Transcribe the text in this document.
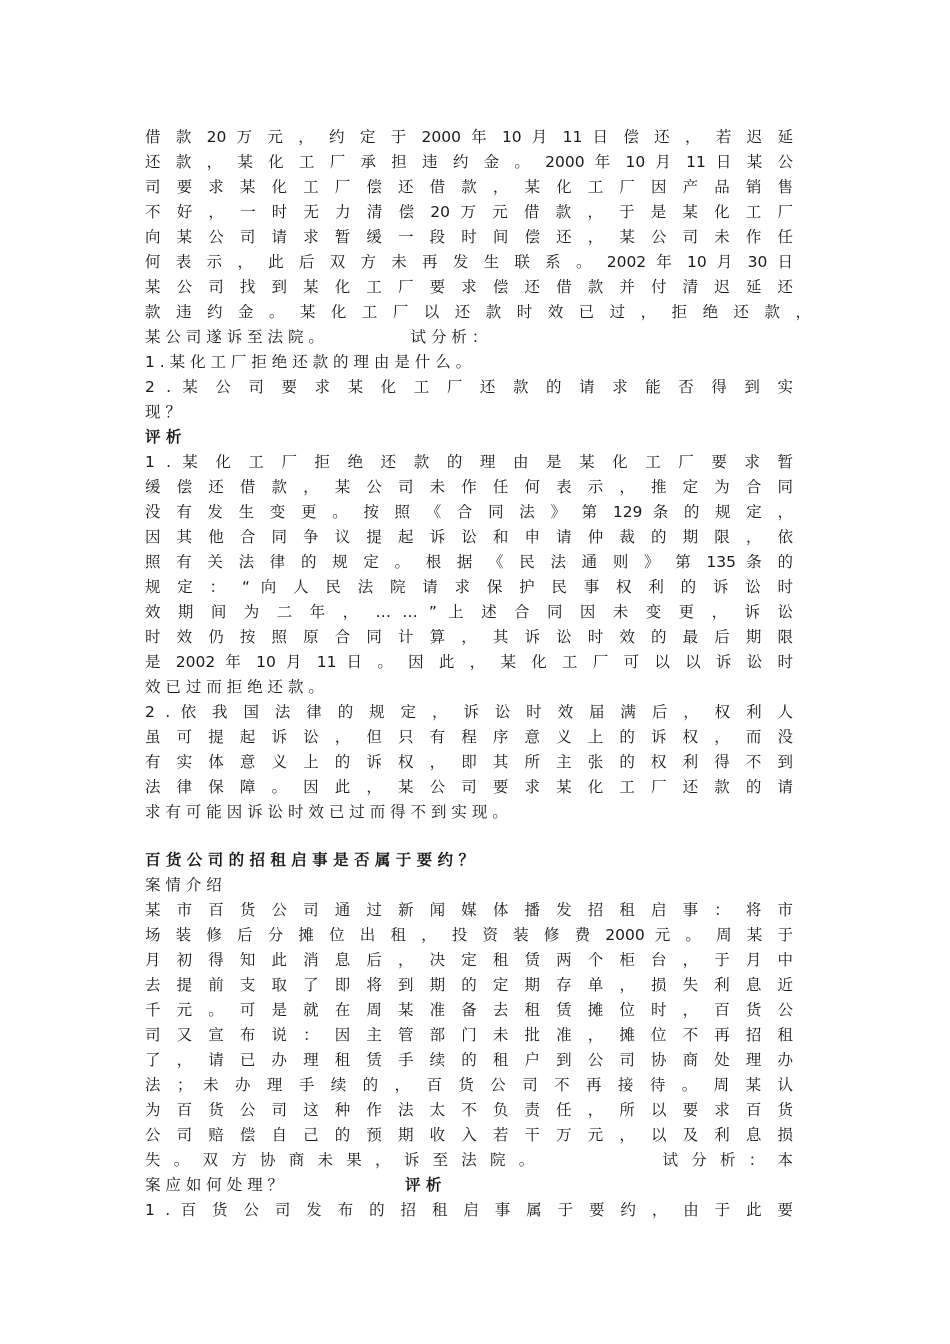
借 款 20 万 元 ， 约 定 于 2000 年 10 月 11 日 偿 还 ， 若 迟 延
还 款 ， 某 化 工 厂 承 担 违 约 金 。 2000 年 10 月 11 日 某 公
司 要 求 某 化 工 厂 偿 还 借 款 ， 某 化 工 厂 因 产 品 销 售
不 好 ， 一 时 无 力 清 偿 20 万 元 借 款 ， 于 是 某 化 工 厂
向 某 公 司 请 求 暂 缓 一 段 时 间 偿 还 ， 某 公 司 未 作 任
何 表 示 ， 此 后 双 方 未 再 发 生 联 系 。 2002 年 10 月 30 日
某 公 司 找 到 某 化 工 厂 要 求 偿 还 借 款 并 付 清 迟 延 还
款 违 约 金 。 某 化 工 厂 以 还 款 时 效 已 过 ， 拒 绝 还 款 ，
某 公 司 遂 诉 至 法 院 。 　 　 　 　 试 分 析 ：
1 . 某 化 工 厂 拒 绝 还 款 的 理 由 是 什 么 。
2 . 某 公 司 要 求 某 化 工 厂 还 款 的 请 求 能 否 得 到 实
现 ？
评 析
1 . 某 化 工 厂 拒 绝 还 款 的 理 由 是 某 化 工 厂 要 求 暂
缓 偿 还 借 款 ， 某 公 司 未 作 任 何 表 示 ， 推 定 为 合 同
没 有 发 生 变 更 。 按 照 《 合 同 法 》 第 129 条 的 规 定 ，
因 其 他 合 同 争 议 提 起 诉 讼 和 申 请 仲 裁 的 期 限 ， 依
照 有 关 法 律 的 规 定 。 根 据 《 民 法 通 则 》 第 135 条 的
规 定 ： “ 向 人 民 法 院 请 求 保 护 民 事 权 利 的 诉 讼 时
效 期 间 为 二 年 ， … … ” 上 述 合 同 因 未 变 更 ， 诉 讼
时 效 仍 按 照 原 合 同 计 算 ， 其 诉 讼 时 效 的 最 后 期 限
是 2002 年 10 月 11 日 。 因 此 ， 某 化 工 厂 可 以 以 诉 讼 时
效 已 过 而 拒 绝 还 款 。
2 . 依 我 国 法 律 的 规 定 ， 诉 讼 时 效 届 满 后 ， 权 利 人
虽 可 提 起 诉 讼 ， 但 只 有 程 序 意 义 上 的 诉 权 ， 而 没
有 实 体 意 义 上 的 诉 权 ， 即 其 所 主 张 的 权 利 得 不 到
法 律 保 障 。 因 此 ， 某 公 司 要 求 某 化 工 厂 还 款 的 请
求 有 可 能 因 诉 讼 时 效 已 过 而 得 不 到 实 现 。
百 货 公 司 的 招 租 启 事 是 否 属 于 要 约 ？
案 情 介 绍
某 市 百 货 公 司 通 过 新 闻 媒 体 播 发 招 租 启 事 ： 将 市
场 装 修 后 分 摊 位 出 租 ， 投 资 装 修 费 2000 元 。 周 某 于
月 初 得 知 此 消 息 后 ， 决 定 租 赁 两 个 柜 台 ， 于 月 中
去 提 前 支 取 了 即 将 到 期 的 定 期 存 单 ， 损 失 利 息 近
千 元 。 可 是 就 在 周 某 准 备 去 租 赁 摊 位 时 ， 百 货 公
司 又 宣 布 说 ： 因 主 管 部 门 未 批 准 ， 摊 位 不 再 招 租
了 ， 请 已 办 理 租 赁 手 续 的 租 户 到 公 司 协 商 处 理 办
法 ； 未 办 理 手 续 的 ， 百 货 公 司 不 再 接 待 。 周 某 认
为 百 货 公 司 这 种 作 法 太 不 负 责 任 ， 所 以 要 求 百 货
公 司 赔 偿 自 己 的 预 期 收 入 若 干 万 元 ， 以 及 利 息 损
失 。 双 方 协 商 未 果 ， 诉 至 法 院 。 　 　 　 　 试 分 析 ： 本
案 应 如 何 处 理 ？	评 析
1 . 百 货 公 司 发 布 的 招 租 启 事 属 于 要 约 ， 由 于 此 要
